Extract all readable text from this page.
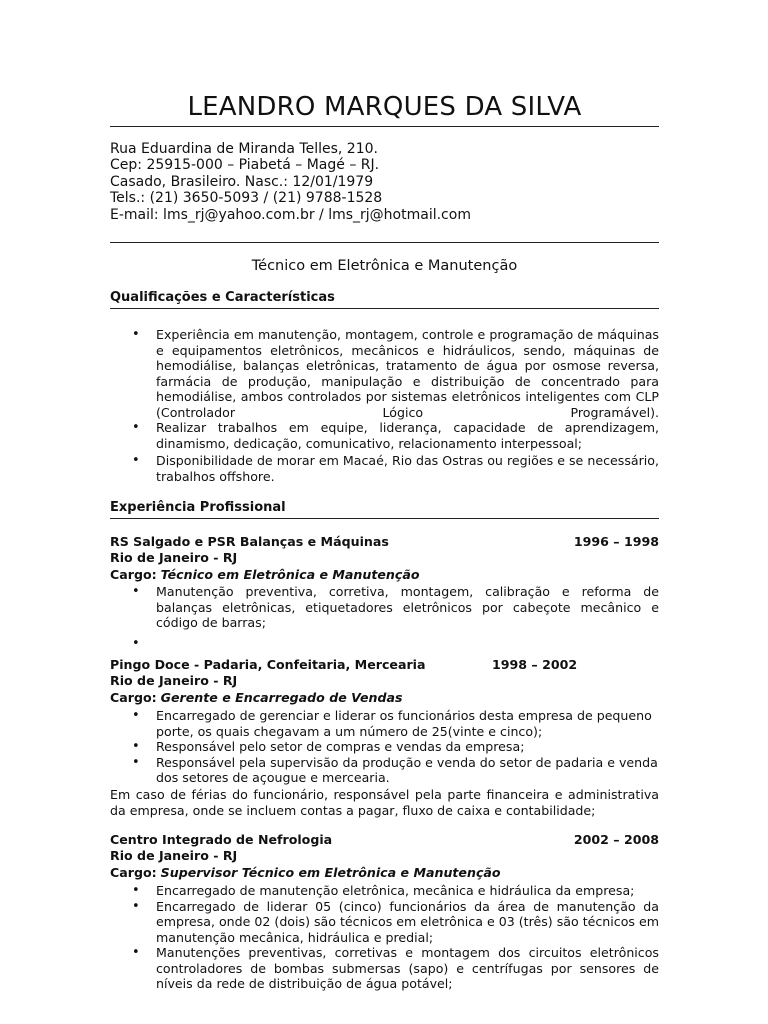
LEANDRO MARQUES DA SILVA
Rua Eduardina de Miranda Telles, 210.
Cep: 25915-000 – Piabetá – Magé – RJ.
Casado, Brasileiro. Nasc.: 12/01/1979
Tels.: (21) 3650-5093 / (21) 9788-1528
E-mail: lms_rj@yahoo.com.br / lms_rj@hotmail.com
Técnico em Eletrônica e Manutenção
Qualificações e Características
• Experiência em manutenção, montagem, controle e programação de máquinas e equipamentos eletrônicos, mecânicos e hidráulicos, sendo, máquinas de hemodiálise, balanças eletrônicas, tratamento de água por osmose reversa, farmácia de produção, manipulação e distribuição de concentrado para hemodiálise, ambos controlados por sistemas eletrônicos inteligentes com CLP (Controlador Lógico Programável).
• Realizar trabalhos em equipe, liderança, capacidade de aprendizagem, dinamismo, dedicação, comunicativo, relacionamento interpessoal;
• Disponibilidade de morar em Macaé, Rio das Ostras ou regiões e se necessário, trabalhos offshore.
Experiência Profissional
RS Salgado e PSR Balanças e Máquinas	1996 – 1998
Rio de Janeiro - RJ
Cargo: Técnico em Eletrônica e Manutenção
• Manutenção preventiva, corretiva, montagem, calibração e reforma de balanças eletrônicas, etiquetadores eletrônicos por cabeçote mecânico e código de barras;
•
Pingo Doce - Padaria, Confeitaria, Mercearia	1998 – 2002
Rio de Janeiro - RJ
Cargo: Gerente e Encarregado de Vendas
• Encarregado de gerenciar e liderar os funcionários desta empresa de pequeno porte, os quais chegavam a um número de 25(vinte e cinco);
• Responsável pelo setor de compras e vendas da empresa;
• Responsável pela supervisão da produção e venda do setor de padaria e venda dos setores de açougue e mercearia.
Em caso de férias do funcionário, responsável pela parte financeira e administrativa da empresa, onde se incluem contas a pagar, fluxo de caixa e contabilidade;
Centro Integrado de Nefrologia	2002 – 2008
Rio de Janeiro - RJ
Cargo: Supervisor Técnico em Eletrônica e Manutenção
• Encarregado de manutenção eletrônica, mecânica e hidráulica da empresa;
• Encarregado de liderar 05 (cinco) funcionários da área de manutenção da empresa, onde 02 (dois) são técnicos em eletrônica e 03 (três) são técnicos em manutenção mecânica, hidráulica e predial;
• Manutenções preventivas, corretivas e montagem dos circuitos eletrônicos controladores de bombas submersas (sapo) e centrífugas por sensores de níveis da rede de distribuição de água potável;
